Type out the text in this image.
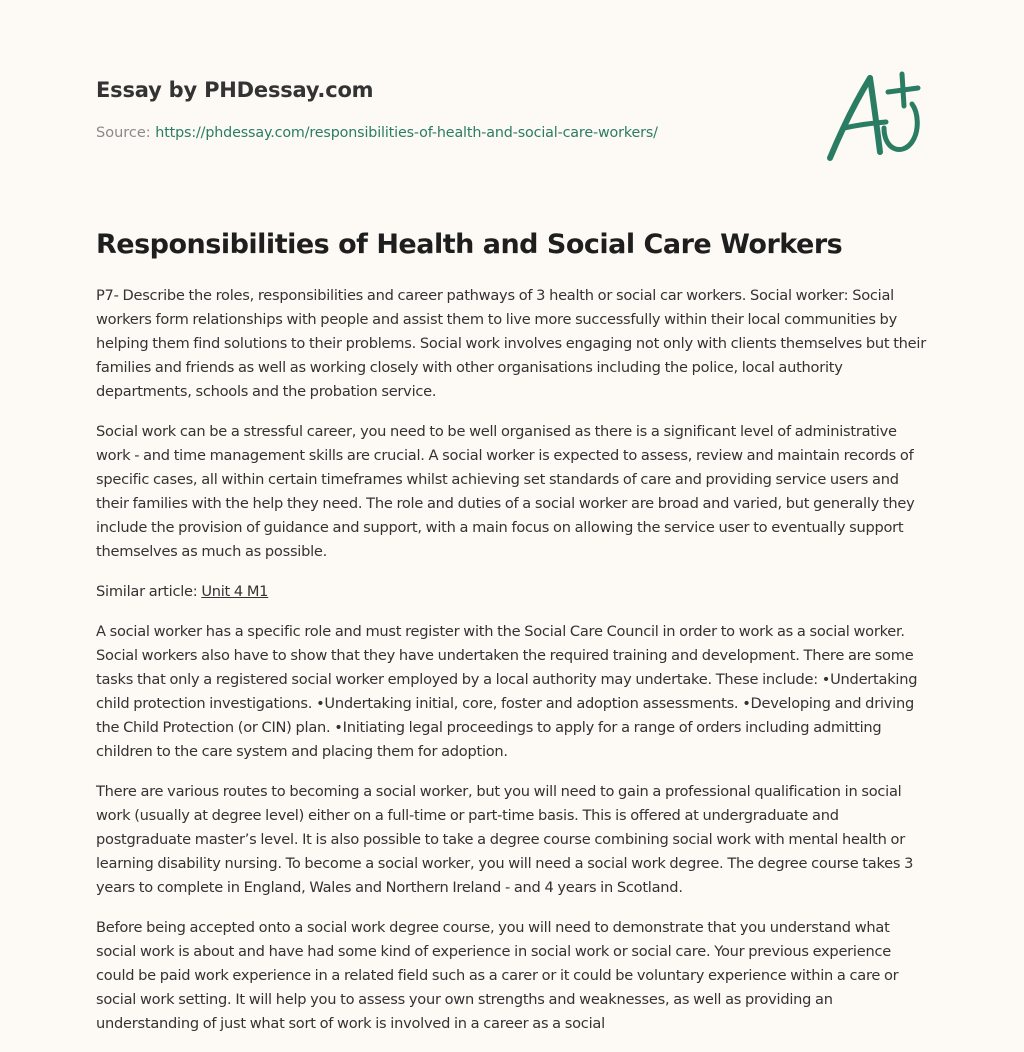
Essay by PHDessay.com
Source: https://phdessay.com/responsibilities-of-health-and-social-care-workers/
Responsibilities of Health and Social Care Workers

P7- Describe the roles, responsibilities and career pathways of 3 health or social car workers. Social worker: Social workers form relationships with people and assist them to live more successfully within their local communities by helping them find solutions to their problems. Social work involves engaging not only with clients themselves but their families and friends as well as working closely with other organisations including the police, local authority departments, schools and the probation service.

Social work can be a stressful career, you need to be well organised as there is a significant level of administrative work - and time management skills are crucial. A social worker is expected to assess, review and maintain records of specific cases, all within certain timeframes whilst achieving set standards of care and providing service users and their families with the help they need. The role and duties of a social worker are broad and varied, but generally they include the provision of guidance and support, with a main focus on allowing the service user to eventually support themselves as much as possible.

Similar article: Unit 4 M1

A social worker has a specific role and must register with the Social Care Council in order to work as a social worker. Social workers also have to show that they have undertaken the required training and development. There are some tasks that only a registered social worker employed by a local authority may undertake. These include: •Undertaking child protection investigations. •Undertaking initial, core, foster and adoption assessments. •Developing and driving the Child Protection (or CIN) plan. •Initiating legal proceedings to apply for a range of orders including admitting children to the care system and placing them for adoption.

There are various routes to becoming a social worker, but you will need to gain a professional qualification in social work (usually at degree level) either on a full-time or part-time basis. This is offered at undergraduate and postgraduate master’s level. It is also possible to take a degree course combining social work with mental health or learning disability nursing. To become a social worker, you will need a social work degree. The degree course takes 3 years to complete in England, Wales and Northern Ireland - and 4 years in Scotland.

Before being accepted onto a social work degree course, you will need to demonstrate that you understand what social work is about and have had some kind of experience in social work or social care. Your previous experience could be paid work experience in a related field such as a carer or it could be voluntary experience within a care or social work setting. It will help you to assess your own strengths and weaknesses, as well as providing an understanding of just what sort of work is involved in a career as a social
